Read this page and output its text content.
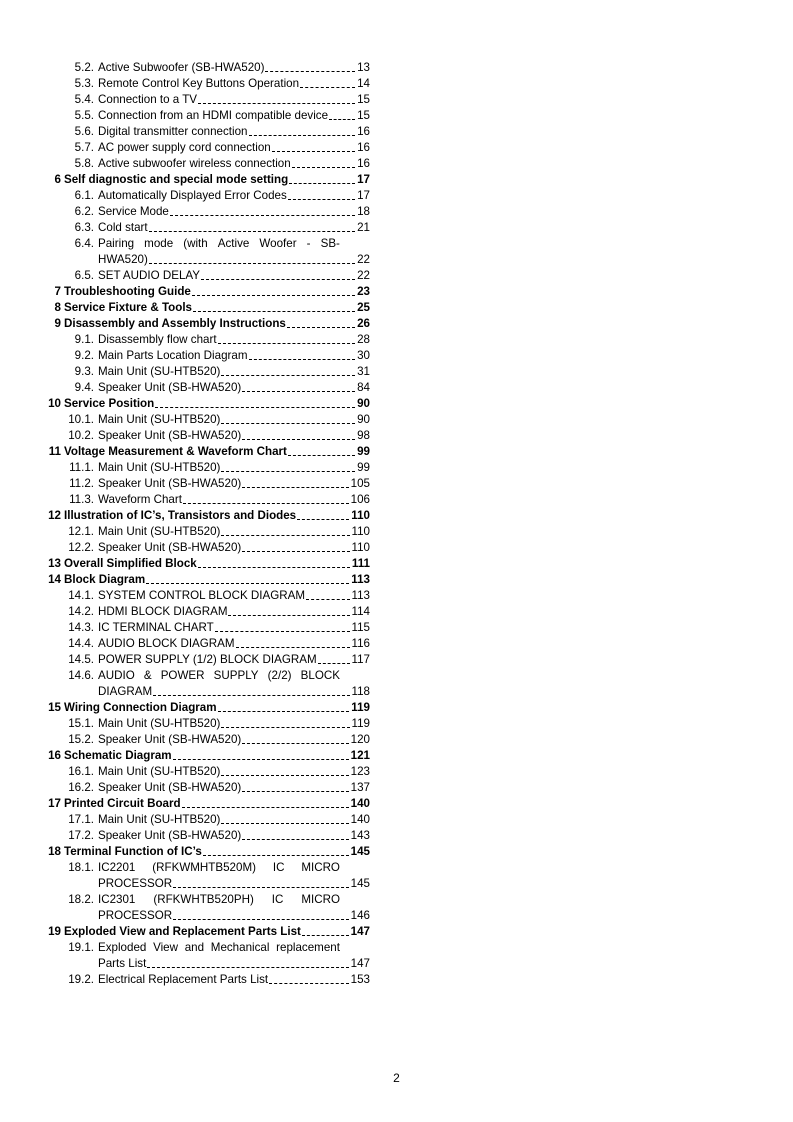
5.2. Active Subwoofer (SB-HWA520)	13
5.3. Remote Control Key Buttons Operation	14
5.4. Connection to a TV	15
5.5. Connection from an HDMI compatible device	15
5.6. Digital transmitter connection	16
5.7. AC power supply cord connection	16
5.8. Active subwoofer wireless connection	16
6 Self diagnostic and special mode setting	17
6.1. Automatically Displayed Error Codes	17
6.2. Service Mode	18
6.3. Cold start	21
6.4. Pairing mode (with Active Woofer - SB-
HWA520)	22
6.5. SET AUDIO DELAY	22
7 Troubleshooting Guide	23
8 Service Fixture & Tools	25
9 Disassembly and Assembly Instructions	26
9.1. Disassembly flow chart	28
9.2. Main Parts Location Diagram	30
9.3. Main Unit (SU-HTB520)	31
9.4. Speaker Unit (SB-HWA520)	84
10 Service Position	90
10.1. Main Unit (SU-HTB520)	90
10.2. Speaker Unit (SB-HWA520)	98
11 Voltage Measurement & Waveform Chart	99
11.1. Main Unit (SU-HTB520)	99
11.2. Speaker Unit (SB-HWA520)	105
11.3. Waveform Chart	106
12 Illustration of IC’s, Transistors and Diodes	110
12.1. Main Unit (SU-HTB520)	110
12.2. Speaker Unit (SB-HWA520)	110
13 Overall Simplified Block	111
14 Block Diagram	113
14.1. SYSTEM CONTROL BLOCK DIAGRAM	113
14.2. HDMI BLOCK DIAGRAM	114
14.3. IC TERMINAL CHART	115
14.4. AUDIO BLOCK DIAGRAM	116
14.5. POWER SUPPLY (1/2) BLOCK DIAGRAM	117
14.6. AUDIO & POWER SUPPLY (2/2) BLOCK
DIAGRAM	118
15 Wiring Connection Diagram	119
15.1. Main Unit (SU-HTB520)	119
15.2. Speaker Unit (SB-HWA520)	120
16 Schematic Diagram	121
16.1. Main Unit (SU-HTB520)	123
16.2. Speaker Unit (SB-HWA520)	137
17 Printed Circuit Board	140
17.1. Main Unit (SU-HTB520)	140
17.2. Speaker Unit (SB-HWA520)	143
18 Terminal Function of IC’s	145
18.1. IC2201 (RFKWMHTB520M) IC MICRO
PROCESSOR	145
18.2. IC2301 (RFKWHTB520PH) IC MICRO
PROCESSOR	146
19 Exploded View and Replacement Parts List	147
19.1. Exploded View and Mechanical replacement
Parts List	147
19.2. Electrical Replacement Parts List	153
2
